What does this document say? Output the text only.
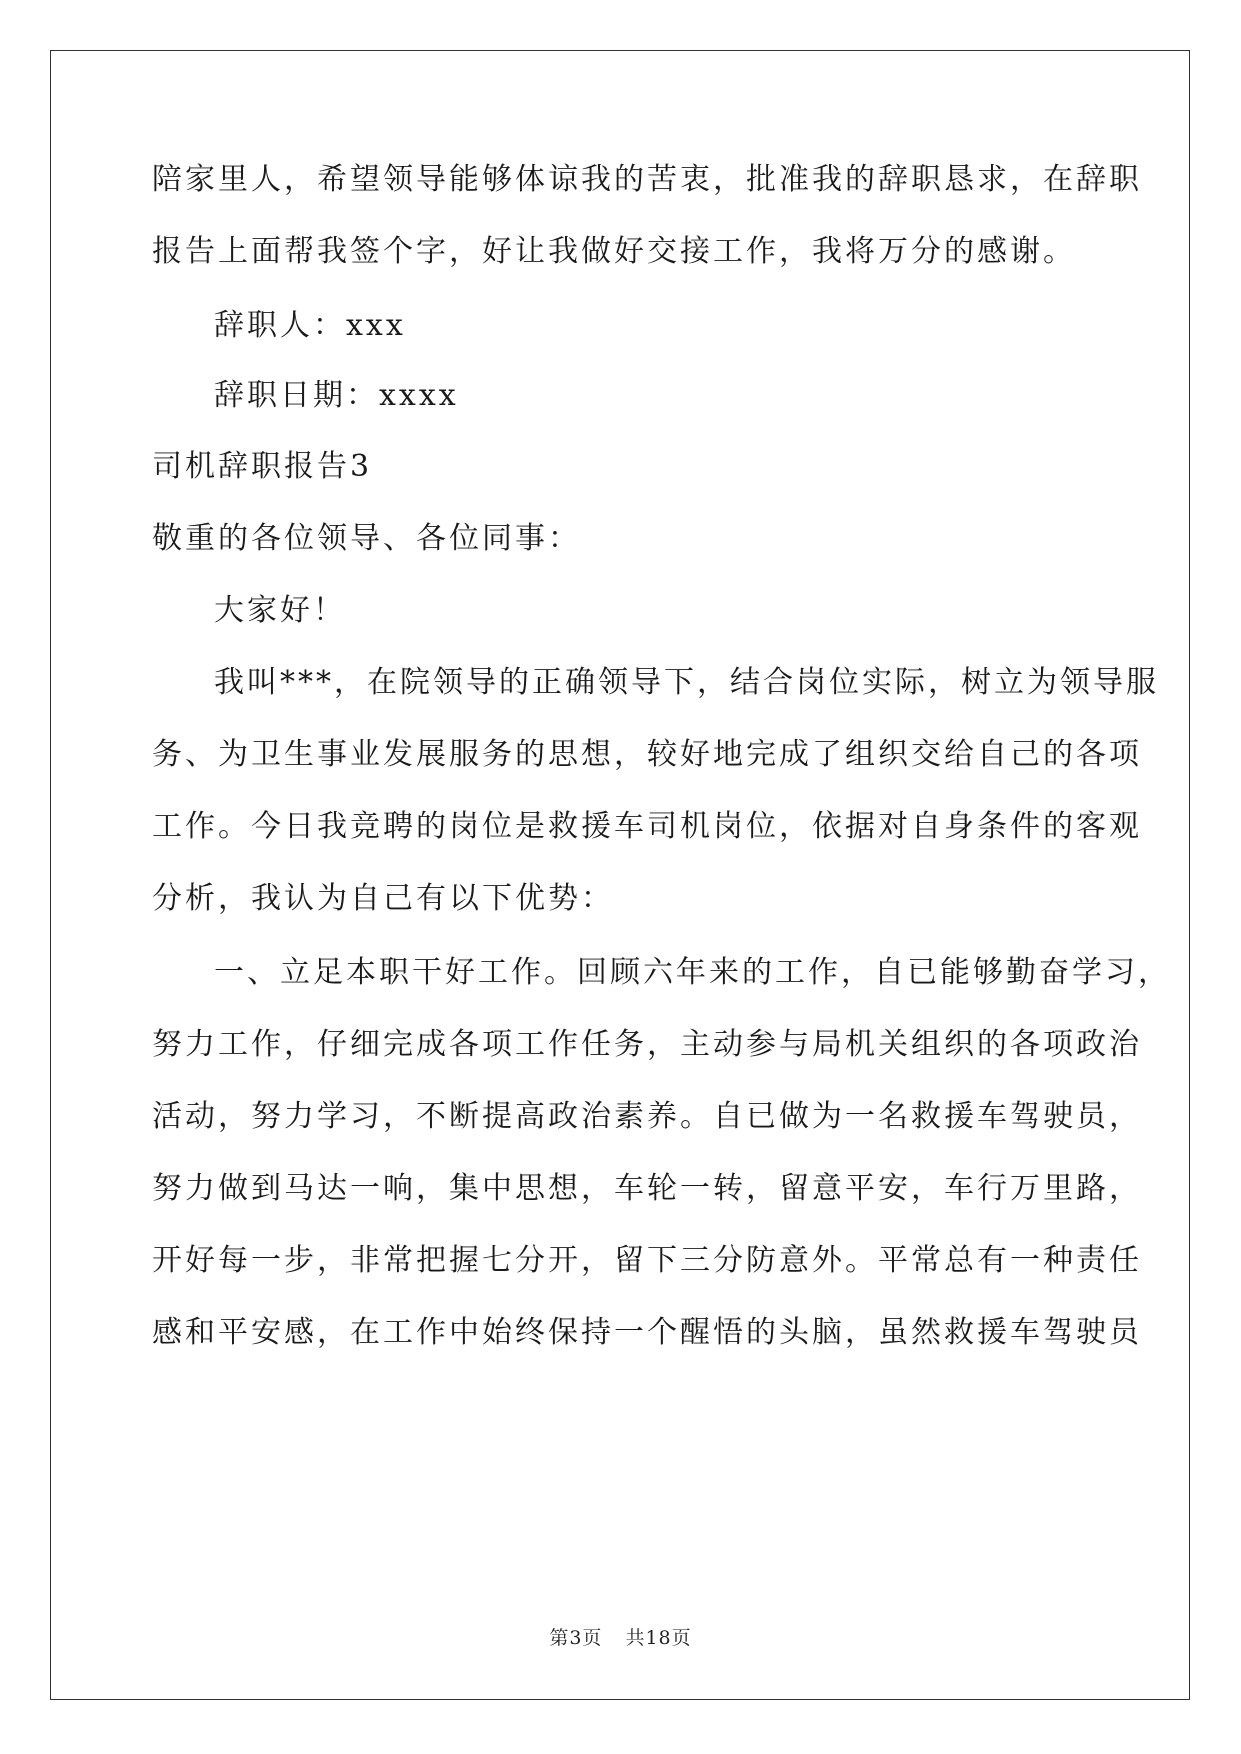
陪家里人，希望领导能够体谅我的苦衷，批准我的辞职恳求，在辞职
报告上面帮我签个字，好让我做好交接工作，我将万分的感谢。
辞职人：xxx
辞职日期：xxxx
司机辞职报告3
敬重的各位领导、各位同事：
大家好！
我叫***，在院领导的正确领导下，结合岗位实际，树立为领导服
务、为卫生事业发展服务的思想，较好地完成了组织交给自己的各项
工作。今日我竞聘的岗位是救援车司机岗位，依据对自身条件的客观
分析，我认为自己有以下优势：
一、立足本职干好工作。回顾六年来的工作，自已能够勤奋学习，
努力工作，仔细完成各项工作任务，主动参与局机关组织的各项政治
活动，努力学习，不断提高政治素养。自已做为一名救援车驾驶员，
努力做到马达一响，集中思想，车轮一转，留意平安，车行万里路，
开好每一步，非常把握七分开，留下三分防意外。平常总有一种责任
感和平安感，在工作中始终保持一个醒悟的头脑，虽然救援车驾驶员
第3页 共18页
